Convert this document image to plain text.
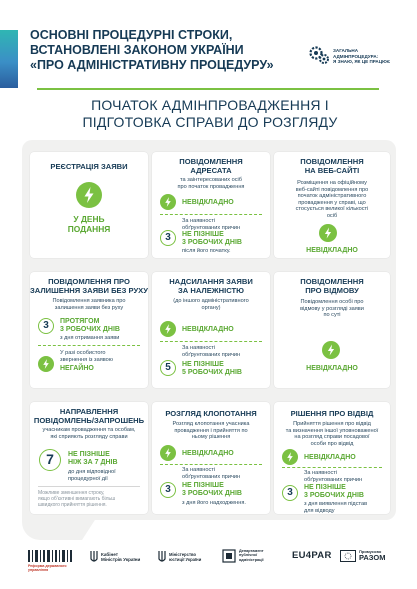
ОСНОВНІ ПРОЦЕДУРНІ СТРОКИ,
ВСТАНОВЛЕНІ ЗАКОНОМ УКРАЇНИ
«ПРО АДМІНІСТРАТИВНУ ПРОЦЕДУРУ»
ЗАГАЛЬНА
АДМІНПРОЦЕДУРА:
Я ЗНАЮ, ЯК ЦЕ ПРАЦЮЄ
ПОЧАТОК АДМІНПРОВАДЖЕННЯ І
ПІДГОТОВКА СПРАВИ ДО РОЗГЛЯДУ
РЕЄСТРАЦІЯ ЗАЯВИ
У ДЕНЬ
ПОДАННЯ
ПОВІДОМЛЕННЯ
АДРЕСАТА
та заінтересованих осіб
про початок провадження
НЕВІДКЛАДНО
За наявності
обґрунтованих причин
3	НЕ ПІЗНІШЕ
3 РОБОЧИХ ДНІВ
після його початку.
ПОВІДОМЛЕННЯ
НА ВЕБ-САЙТІ
Розміщення на офіційному
веб-сайті повідомлення про
початок адміністративного
провадження у справі, що
стосується великої кількості
осіб
НЕВІДКЛАДНО
ПОВІДОМЛЕННЯ ПРО
ЗАЛИШЕННЯ ЗАЯВИ БЕЗ РУХУ
Повідомлення заявника про
залишення заяви без руху
3	ПРОТЯГОМ
3 РОБОЧИХ ДНІВ
з дня отримання заяви
У разі особистого
звернення із заявою
НЕГАЙНО
НАДСИЛАННЯ ЗАЯВИ
ЗА НАЛЕЖНІСТЮ
(до іншого адміністративного
органу)
НЕВІДКЛАДНО
За наявності
обґрунтованих причин
5	НЕ ПІЗНІШЕ
5 РОБОЧИХ ДНІВ
ПОВІДОМЛЕННЯ
ПРО ВІДМОВУ
Повідомлення особі про
відмову у розгляді заяви
по суті
НЕВІДКЛАДНО
НАПРАВЛЕННЯ
ПОВІДОМЛЕНЬ/ЗАПРОШЕНЬ
учасникам провадження та особам,
які сприяють розгляду справи
7	НЕ ПІЗНІШЕ
НІЖ ЗА 7 ДНІВ
до дня відповідної
процедурної дії
Можливе зменшення строку,
якщо об'єктивні вимагають більш
швидкого прийняття рішення.
РОЗГЛЯД КЛОПОТАННЯ
Розгляд клопотання учасника
провадження і прийняття по
ньому рішення
НЕВІДКЛАДНО
За наявності
обґрунтованих причин
3	НЕ ПІЗНІШЕ
3 РОБОЧИХ ДНІВ
з дня його надходження.
РІШЕННЯ ПРО ВІДВІД
Прийняття рішення про відвід
та визначення іншої уповноваженої
на розгляд справи посадової
особи про відвід
НЕВІДКЛАДНО
За наявності
обґрунтованих причин
3	НЕ ПІЗНІШЕ
3 РОБОЧИХ ДНІВ
з дня виявлення підстав
для відводу
Реформа державного
управління
Кабінет
Міністрів України
Міністерство
юстиції України
Департамент
публічної
адміністрації	EU4PAR	Примусово
РАЗОМ
